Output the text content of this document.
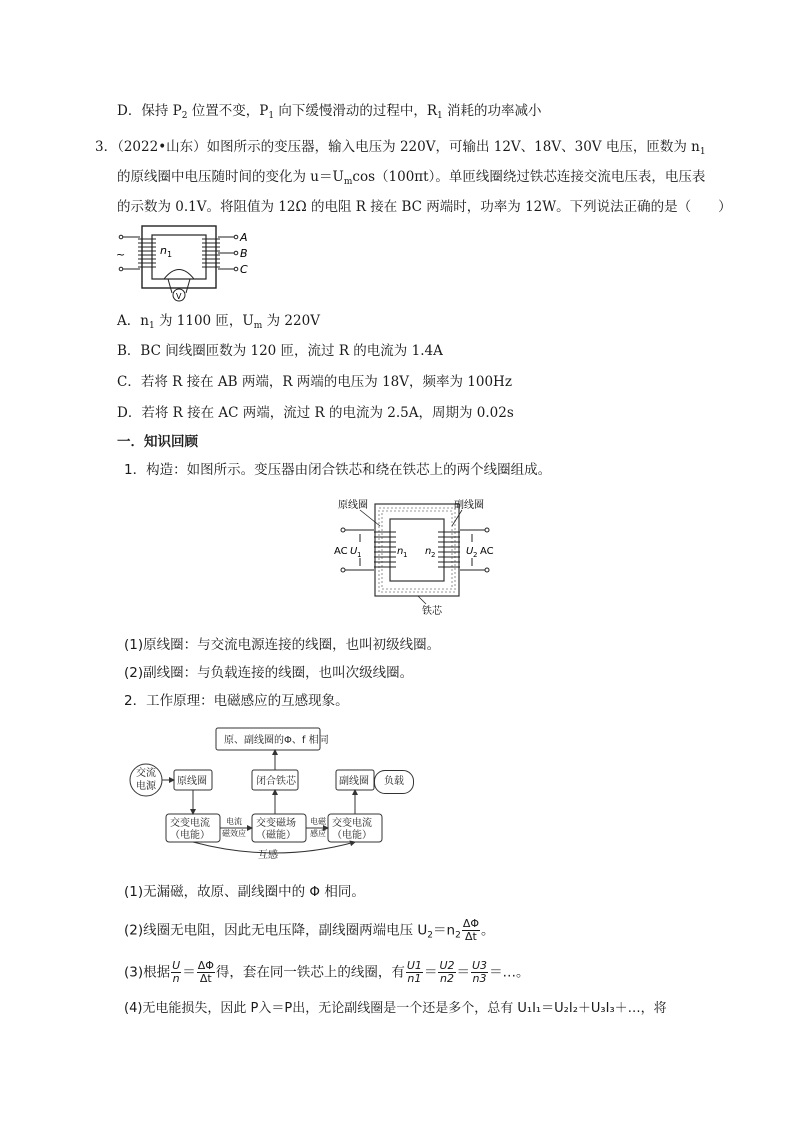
D．保持 $P_2$ 位置不变，$P_1$ 向下缓慢滑动的过程中，$R_1$ 消耗的功率减小
3．（2022•山东）如图所示的变压器，输入电压为 220V，可输出 12V、18V、30V 电压，匝数为 $n_1$
的原线圈中电压随时间的变化为 $u=U_m\cos(100\pi t)$。单匝线圈绕过铁芯连接交流电压表，电压表
的示数为 0.1V。将阻值为 12Ω 的电阻 R 接在 BC 两端时，功率为 12W。下列说法正确的是（　　）
~
A
B
C
n 1
V
A．$n_1$ 为 1100 匝，$U_m$ 为 220V
B．BC 间线圈匝数为 120 匝，流过 R 的电流为 1.4A
C．若将 R 接在 AB 两端，R 两端的电压为 18V，频率为 100Hz
D．若将 R 接在 AC 两端，流过 R 的电流为 2.5A，周期为 0.02s
一．知识回顾
1．构造：如图所示。变压器由闭合铁芯和绕在铁芯上的两个线圈组成。
原线圈	副线圈
AC U 1	U 2 AC
n 1 n 2
铁芯
(1)原线圈：与交流电源连接的线圈，也叫初级线圈。
(2)副线圈：与负载连接的线圈，也叫次级线圈。
2．工作原理：电磁感应的互感现象。
原、副线圈的Φ、f 相同
交流
电源 原线圈	闭合铁芯	副线圈
交变电流
（电能）
交变磁场
（磁能）
交变电流
（电能）
电流
磁效应
电磁
感应
互感
负载
(1)无漏磁，故原、副线圈中的 Φ 相同。
(2)线圈无电阻，因此无电压降，副线圈两端电压 $U_2=n_2 \frac{\Delta\Phi}{\Delta t}$ 。
(3)根据 $\frac{U}{n} = \frac{\Delta\Phi}{\Delta t}$ 得，套在同一铁芯上的线圈，有 $\frac{U1}{n1} = \frac{U2}{n2} = \frac{U3}{n3}$ ＝…。
(4)无电能损失，因此 P入＝P出，无论副线圈是一个还是多个，总有 U₁I₁＝U₂I₂＋U₃I₃＋…，将
